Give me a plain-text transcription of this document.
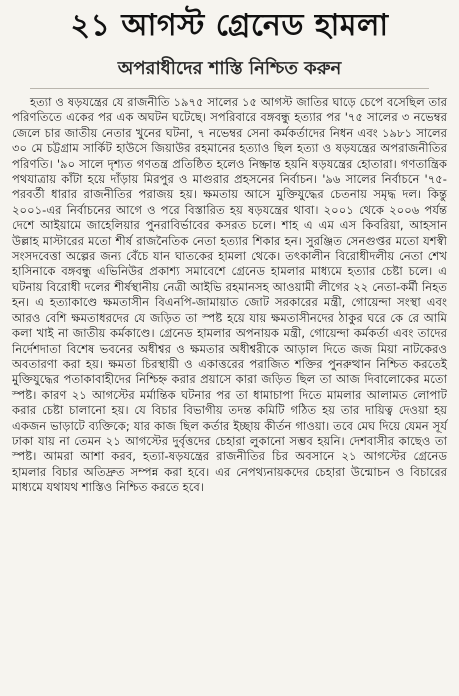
২১ আগস্ট গ্রেনেড হামলা
অপরাধীদের শাস্তি নিশ্চিত করুন

হত্যা ও ষড়যন্ত্রের যে রাজনীতি ১৯৭৫ সালের ১৫ আগস্ট জাতির ঘাড়ে চেপে বসেছিল তার পরিণতিতে একের পর এক অঘটন ঘটেছে। সপরিবারে বঙ্গবন্ধু হত্যার পর '৭৫ সালের ৩ নভেম্বর জেলে চার জাতীয় নেতার খুনের ঘটনা, ৭ নভেম্বর সেনা কর্মকর্তাদের নিধন এবং ১৯৮১ সালের ৩০ মে চট্টগ্রাম সার্কিট হাউসে জিয়াউর রহমানের হত্যাও ছিল হত্যা ও ষড়যন্ত্রের অপরাজনীতির পরিণতি। '৯০ সালে দৃশ্যত গণতন্ত্র প্রতিষ্ঠিত হলেও নিষ্ক্রান্ত হয়নি ষড়যন্ত্রের হোতারা। গণতান্ত্রিক পথযাত্রায় কাঁটা হয়ে দাঁড়ায় মিরপুর ও মাগুরার প্রহসনের নির্বাচন। '৯৬ সালের নির্বাচনে '৭৫-পরবর্তী ধারার রাজনীতির পরাজয় হয়। ক্ষমতায় আসে মুক্তিযুদ্ধের চেতনায় সমৃদ্ধ দল। কিন্তু ২০০১-এর নির্বাচনের আগে ও পরে বিস্তারিত হয় ষড়যন্ত্রের থাবা। ২০০১ থেকে ২০০৬ পর্যন্ত দেশে আইয়ামে জাহেলিয়ার পুনরাবির্ভাবের কসরত চলে। শাহ এ এম এস কিবরিয়া, আহসান উল্লাহ মাস্টারের মতো শীর্ষ রাজনৈতিক নেতা হত্যার শিকার হন। সুরঞ্জিত সেনগুপ্তর মতো যশস্বী সংসদবেত্তা অল্পের জন্য বেঁচে যান ঘাতকের হামলা থেকে। তৎকালীন বিরোধীদলীয় নেতা শেখ হাসিনাকে বঙ্গবন্ধু এভিনিউর প্রকাশ্য সমাবেশে গ্রেনেড হামলার মাধ্যমে হত্যার চেষ্টা চলে। এ ঘটনায় বিরোধী দলের শীর্ষস্থানীয় নেত্রী আইভি রহমানসহ আওয়ামী লীগের ২২ নেতা-কর্মী নিহত হন। এ হত্যাকাণ্ডে ক্ষমতাসীন বিএনপি-জামায়াত জোট সরকারের মন্ত্রী, গোয়েন্দা সংস্থা এবং আরও বেশি ক্ষমতাধরদের যে জড়িত তা স্পষ্ট হয়ে যায় ক্ষমতাসীনদের ঠাকুর ঘরে কে রে আমি কলা খাই না জাতীয় কর্মকাণ্ডে। গ্রেনেড হামলার অপনায়ক মন্ত্রী, গোয়েন্দা কর্মকর্তা এবং তাদের নির্দেশদাতা বিশেষ ভবনের অধীশ্বর ও ক্ষমতার অধীশ্বরীকে আড়াল দিতে জজ মিয়া নাটকেরও অবতারণা করা হয়। ক্ষমতা চিরস্থায়ী ও একাত্তরের পরাজিত শক্তির পুনরুত্থান নিশ্চিত করতেই মুক্তিযুদ্ধের পতাকাবাহীদের নিশ্চিহ্ন করার প্রয়াসে কারা জড়িত ছিল তা আজ দিবালোকের মতো স্পষ্ট। কারণ ২১ আগস্টের মর্মান্তিক ঘটনার পর তা ধামাচাপা দিতে মামলার আলামত লোপাট করার চেষ্টা চালানো হয়। যে বিচার বিভাগীয় তদন্ত কমিটি গঠিত হয় তার দায়িত্ব দেওয়া হয় একজন ভাড়াটে ব্যক্তিকে; যার কাজ ছিল কর্তার ইচ্ছায় কীর্তন গাওয়া। তবে মেঘ দিয়ে যেমন সূর্য ঢাকা যায় না তেমন ২১ আগস্টের দুর্বৃত্তদের চেহারা লুকানো সম্ভব হয়নি। দেশবাসীর কাছেও তা স্পষ্ট। আমরা আশা করব, হত্যা-ষড়যন্ত্রের রাজনীতির চির অবসানে ২১ আগস্টের গ্রেনেড হামলার বিচার অতিদ্রুত সম্পন্ন করা হবে। এর নেপথ্যনায়কদের চেহারা উন্মোচন ও বিচারের মাধ্যমে যথাযথ শাস্তিও নিশ্চিত করতে হবে।
